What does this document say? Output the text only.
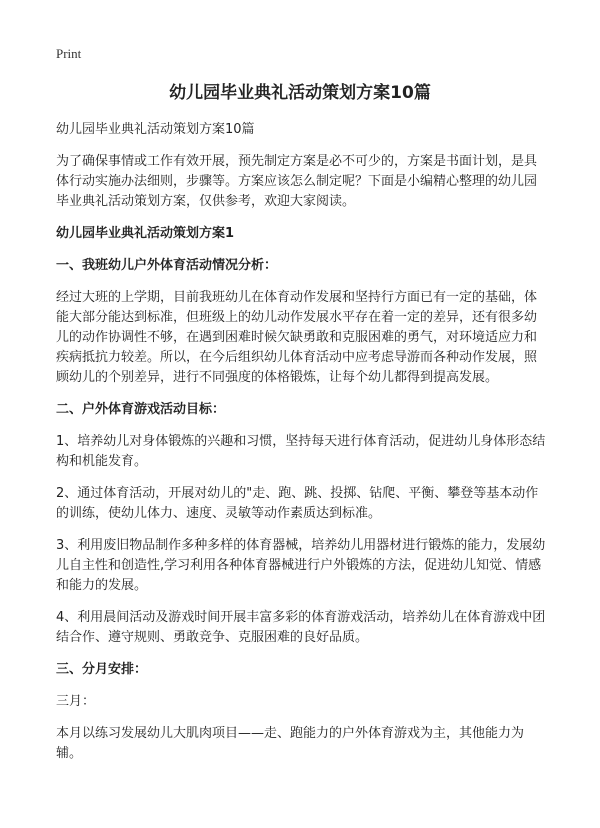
Print
幼儿园毕业典礼活动策划方案10篇

幼儿园毕业典礼活动策划方案10篇

为了确保事情或工作有效开展，预先制定方案是必不可少的，方案是书面计划，是具体行动实施办法细则，步骤等。方案应该怎么制定呢？下面是小编精心整理的幼儿园毕业典礼活动策划方案，仅供参考，欢迎大家阅读。

幼儿园毕业典礼活动策划方案1

一、我班幼儿户外体育活动情况分析：

经过大班的上学期，目前我班幼儿在体育动作发展和坚持行方面已有一定的基础，体能大部分能达到标准，但班级上的幼儿动作发展水平存在着一定的差异，还有很多幼儿的动作协调性不够，在遇到困难时候欠缺勇敢和克服困难的勇气，对环境适应力和疾病抵抗力较差。所以，在今后组织幼儿体育活动中应考虑导游而各种动作发展，照顾幼儿的个别差异，进行不同强度的体格锻炼，让每个幼儿都得到提高发展。

二、户外体育游戏活动目标：

1、培养幼儿对身体锻炼的兴趣和习惯，坚持每天进行体育活动，促进幼儿身体形态结构和机能发育。

2、通过体育活动，开展对幼儿的"走、跑、跳、投掷、钻爬、平衡、攀登等基本动作的训练，使幼儿体力、速度、灵敏等动作素质达到标准。

3、利用废旧物品制作多种多样的体育器械，培养幼儿用器材进行锻炼的能力，发展幼儿自主性和创造性,学习利用各种体育器械进行户外锻炼的方法，促进幼儿知觉、情感和能力的发展。

4、利用晨间活动及游戏时间开展丰富多彩的体育游戏活动，培养幼儿在体育游戏中团结合作、遵守规则、勇敢竞争、克服困难的良好品质。

三、分月安排：

三月：

本月以练习发展幼儿大肌肉项目——走、跑能力的户外体育游戏为主，其他能力为辅。
